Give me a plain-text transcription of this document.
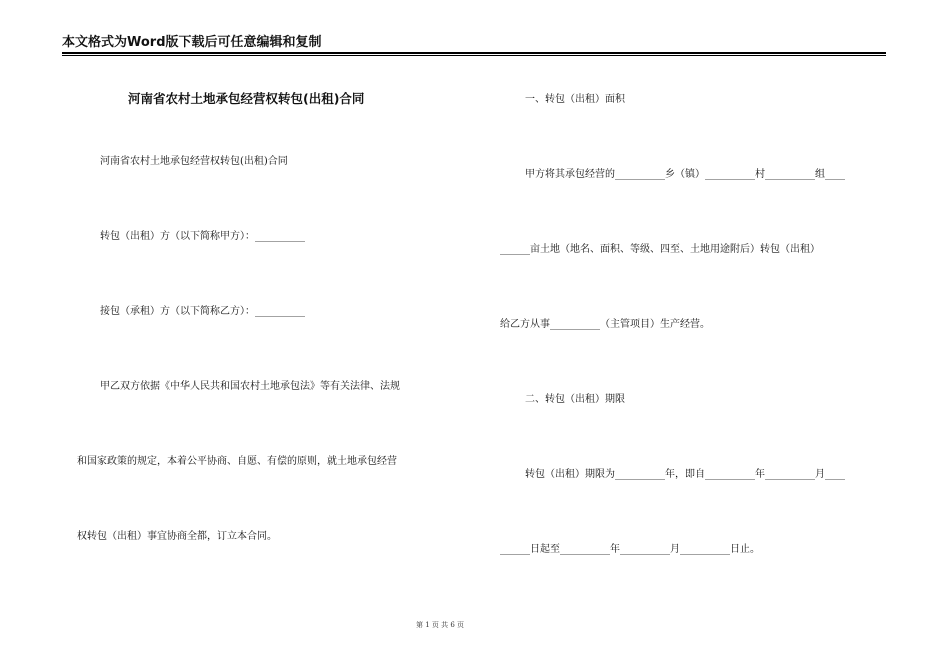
本文格式为Word版下载后可任意编辑和复制
河南省农村土地承包经营权转包(出租)合同
河南省农村土地承包经营权转包(出租)合同
转包（出租）方（以下简称甲方）：__________
接包（承租）方（以下简称乙方）：__________
甲乙双方依据《中华人民共和国农村土地承包法》等有关法律、法规
和国家政策的规定，本着公平协商、自愿、有偿的原则，就土地承包经营
权转包（出租）事宜协商全都，订立本合同。
一、转包（出租）面积
甲方将其承包经营的__________乡（镇）__________村__________组____
______亩土地（地名、面积、等级、四至、土地用途附后）转包（出租）
给乙方从事__________（主管项目）生产经营。
二、转包（出租）期限
转包（出租）期限为__________年，即自__________年__________月____
______日起至__________年__________月__________日止。
第 1 页 共 6 页
